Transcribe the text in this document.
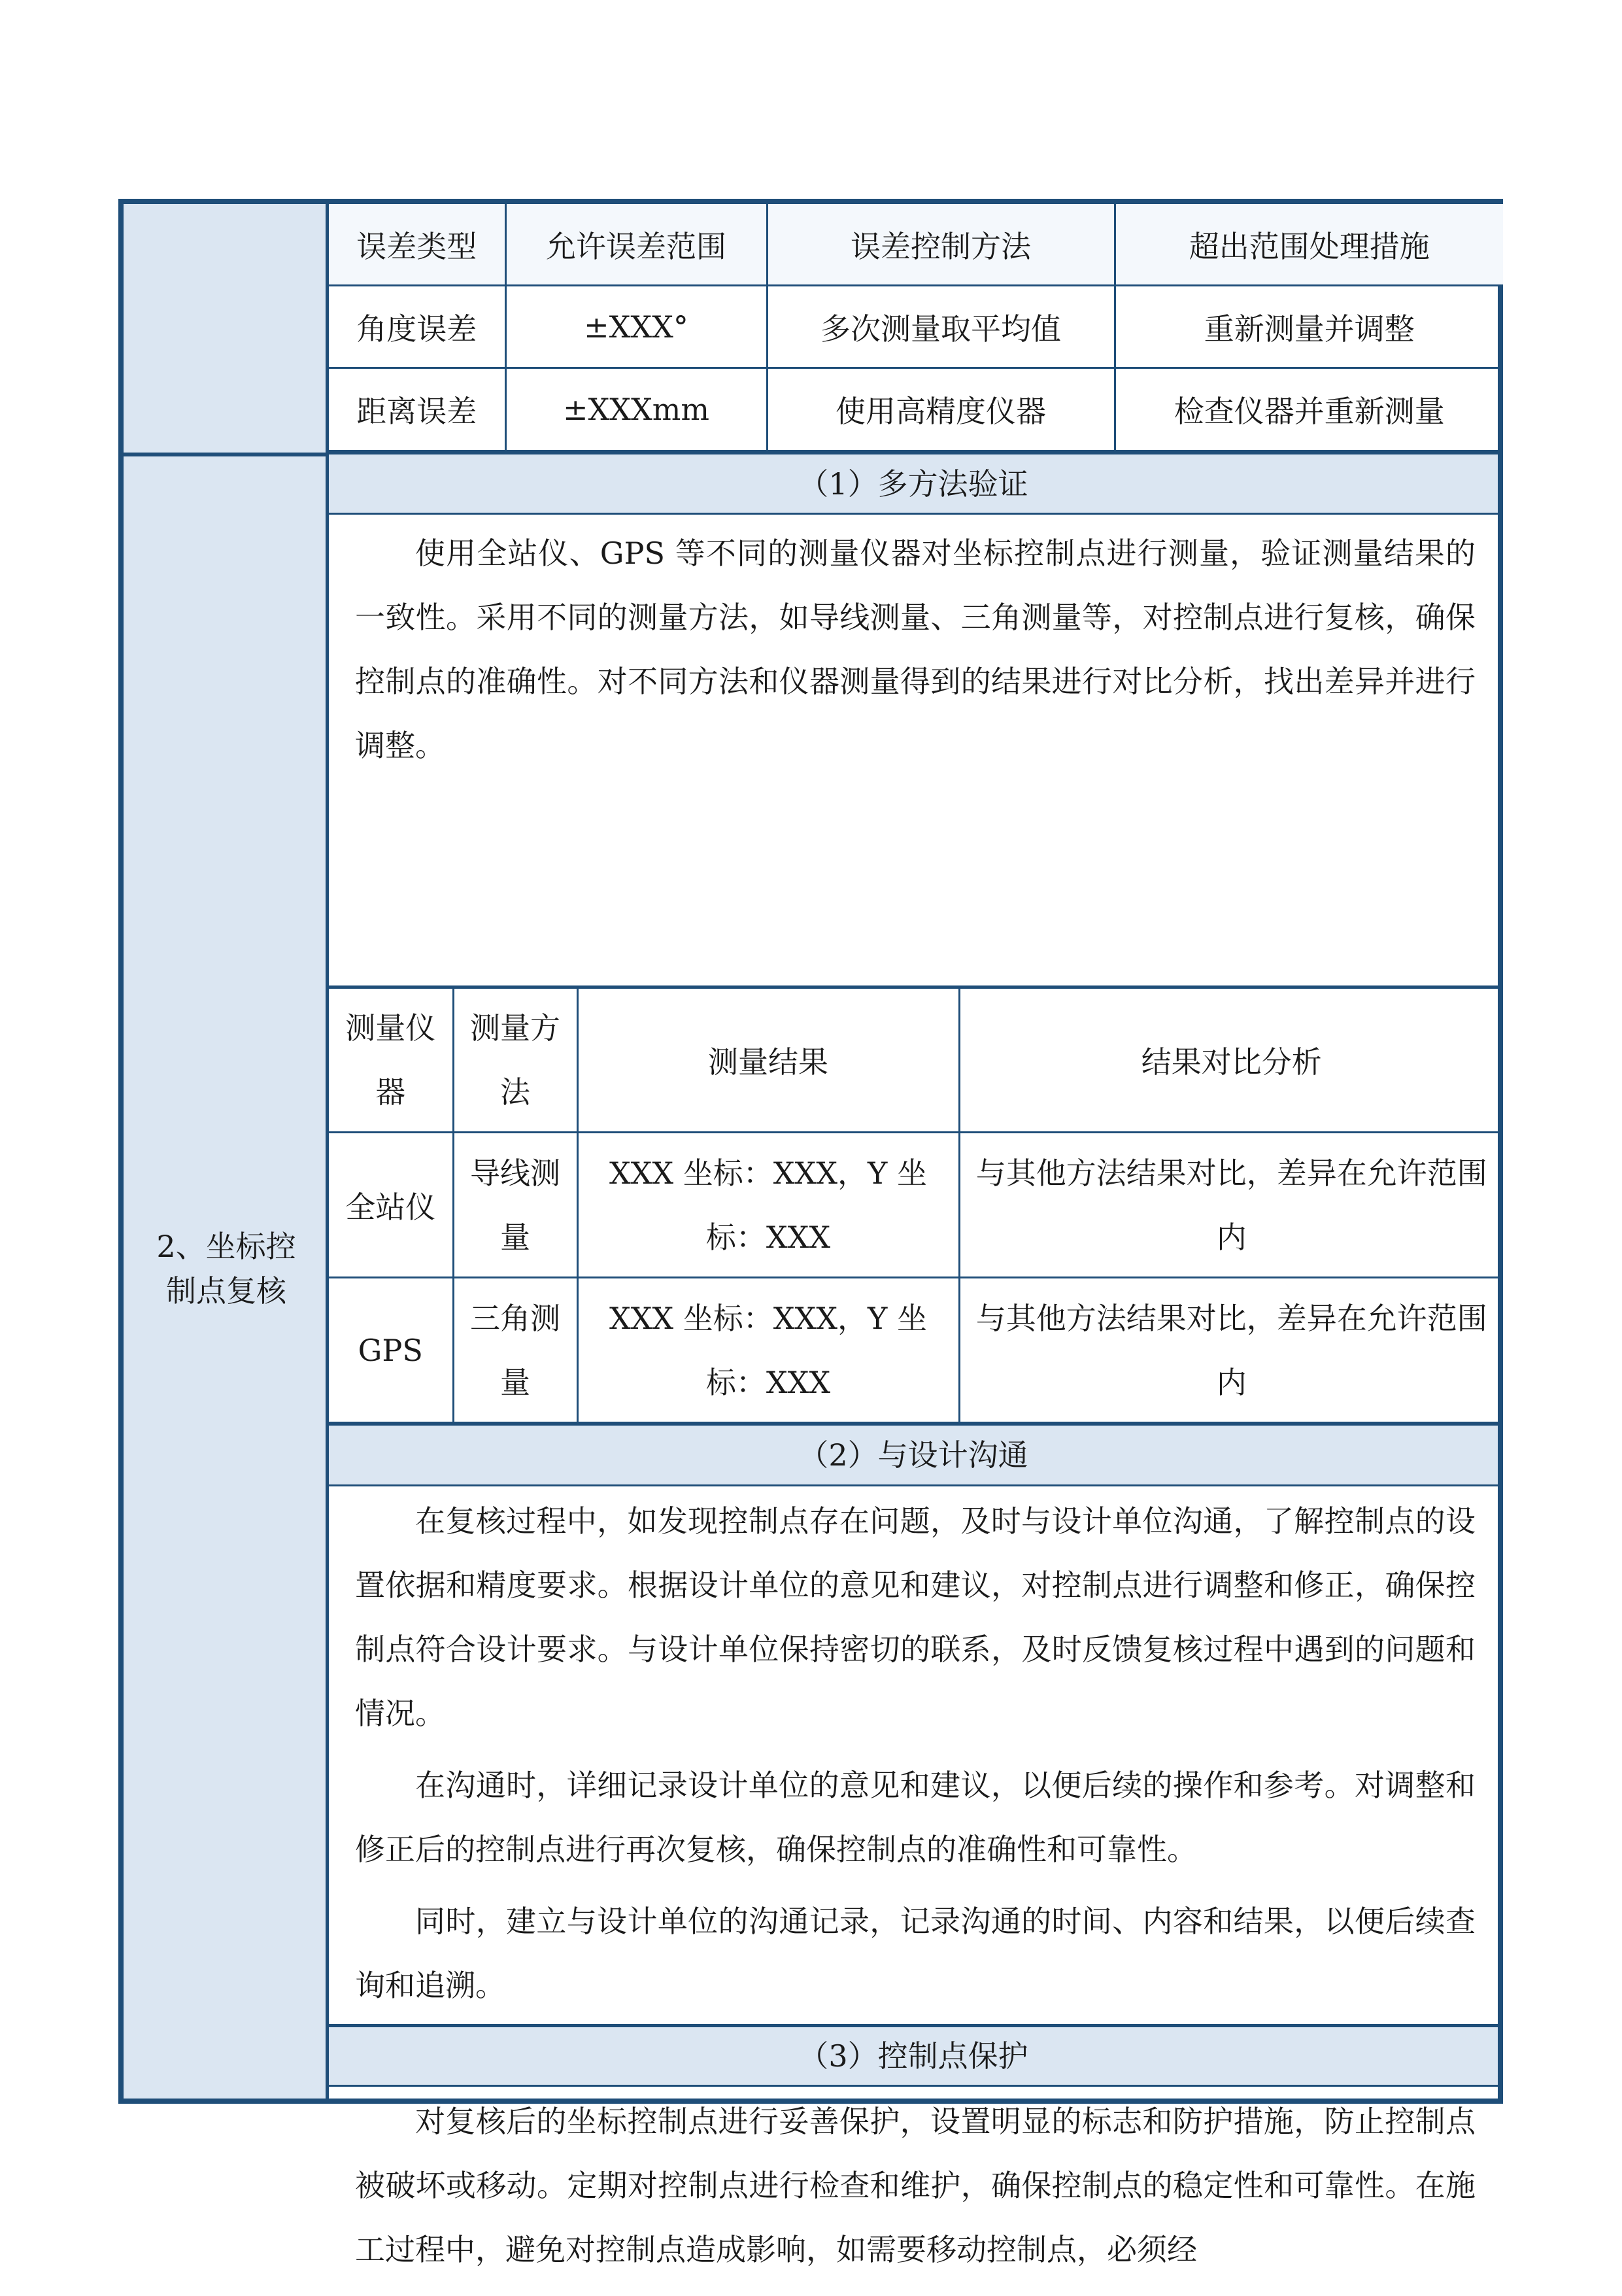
2、坐标控
制点复核
误差类型	允许误差范围	误差控制方法	超出范围处理措施
角度误差	±XXX°	多次测量取平均值	重新测量并调整
距离误差	±XXXmm	使用高精度仪器	检查仪器并重新测量
（1）多方法验证

使用全站仪、GPS 等不同的测量仪器对坐标控制点进行测量，验证测量结果的一致性。采用不同的测量方法，如导线测量、三角测量等，对控制点进行复核，确保控制点的准确性。对不同方法和仪器测量得到的结果进行对比分析，找出差异并进行调整。

测量仪器	测量方法	测量结果	结果对比分析
全站仪	导线测量	XXX 坐标：XXX，Y 坐标：XXX	与其他方法结果对比，差异在允许范围内
GPS	三角测量	XXX 坐标：XXX，Y 坐标：XXX	与其他方法结果对比，差异在允许范围内
（2）与设计沟通

在复核过程中，如发现控制点存在问题，及时与设计单位沟通，了解控制点的设置依据和精度要求。根据设计单位的意见和建议，对控制点进行调整和修正，确保控制点符合设计要求。与设计单位保持密切的联系，及时反馈复核过程中遇到的问题和情况。

在沟通时，详细记录设计单位的意见和建议，以便后续的操作和参考。对调整和修正后的控制点进行再次复核，确保控制点的准确性和可靠性。

同时，建立与设计单位的沟通记录，记录沟通的时间、内容和结果，以便后续查询和追溯。

（3）控制点保护

对复核后的坐标控制点进行妥善保护，设置明显的标志和防护措施，防止控制点被破坏或移动。定期对控制点进行检查和维护，确保控制点的稳定性和可靠性。在施工过程中，避免对控制点造成影响，如需要移动控制点，必须经
